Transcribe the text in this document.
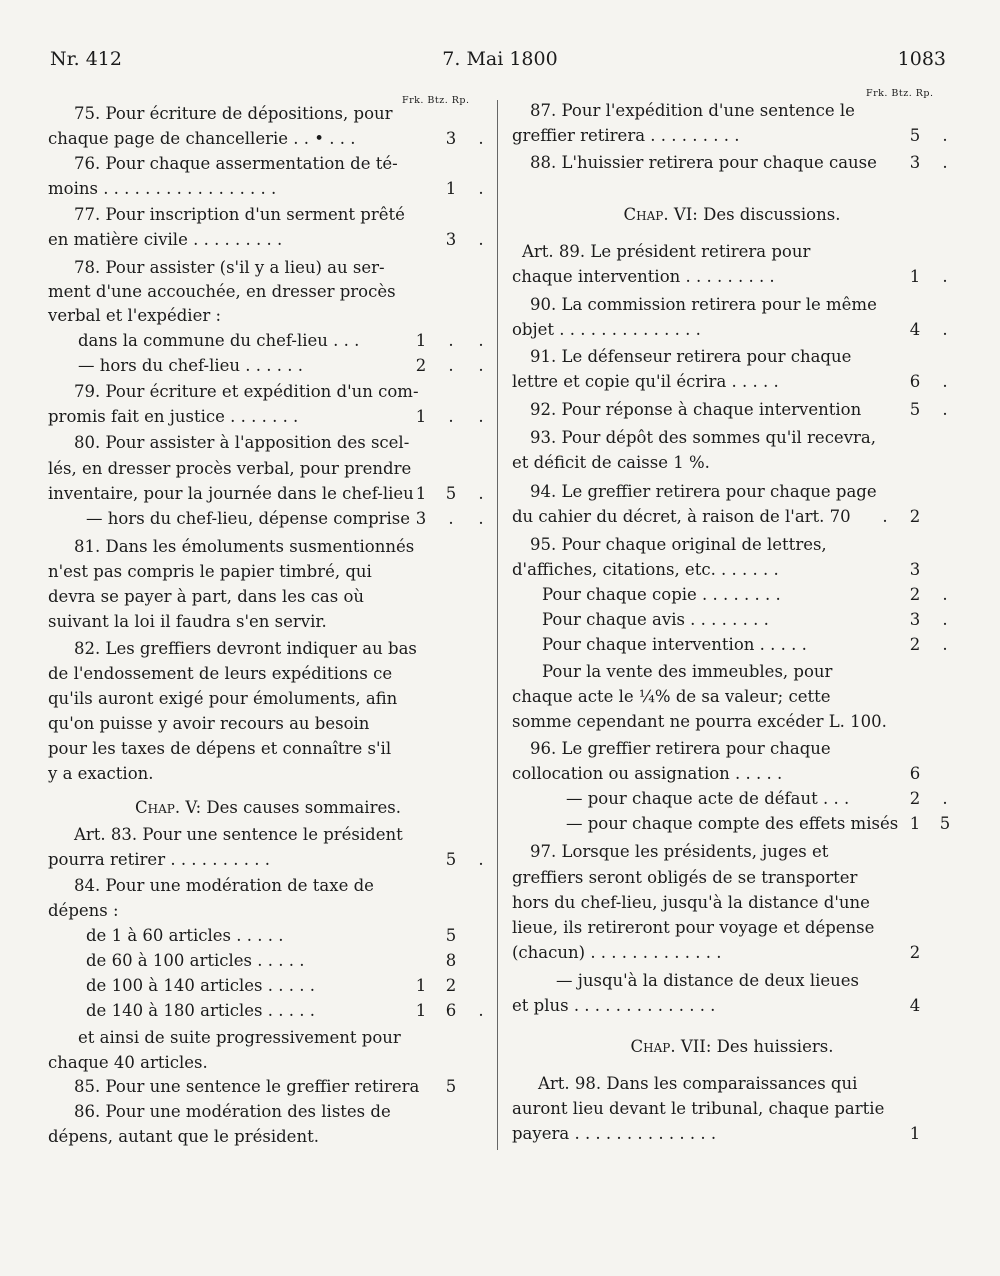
Nr. 412	7. Mai 1800	1083
Frk. Btz. Rp.
Chap. V: Des causes sommaires.
75. Pour écriture de dépositions, pour
chaque page de chancellerie . . • . . .	3	.
76. Pour chaque assermentation de té-
moins . . . . . . . . . . . . . . . . .	1	.
77. Pour inscription d'un serment prêté
en matière civile . . . . . . . . .	3	.
78. Pour assister (s'il y a lieu) au ser-
ment d'une accouchée, en dresser procès
verbal et l'expédier :
dans la commune du chef-lieu . . .	1	.	.
— hors du chef-lieu . . . . . .	2	.	.
79. Pour écriture et expédition d'un com-
promis fait en justice . . . . . . .	1	.	.
80. Pour assister à l'apposition des scel-
lés, en dresser procès verbal, pour prendre
inventaire, pour la journée dans le chef-lieu 1 5	.
— hors du chef-lieu, dépense comprise 3	.	.
81. Dans les émoluments susmentionnés
n'est pas compris le papier timbré, qui
devra se payer à part, dans les cas où
suivant la loi il faudra s'en servir.
82. Les greffiers devront indiquer au bas
de l'endossement de leurs expéditions ce
qu'ils auront exigé pour émoluments, afin
qu'on puisse y avoir recours au besoin
pour les taxes de dépens et connaître s'il
y a exaction.
Art. 83. Pour une sentence le président
pourra retirer . . . . . . . . . .	5	.
84. Pour une modération de taxe de
dépens :
de 1 à 60 articles . . . . .	5
de 60 à 100 articles . . . . .	8
de 100 à 140 articles . . . . .	1 2
de 140 à 180 articles . . . . .	1 6	.
et ainsi de suite progressivement pour
chaque 40 articles.
85. Pour une sentence le greffier retirera 5
86. Pour une modération des listes de
dépens, autant que le président.
Frk. Btz. Rp.
Chap. VI: Des discussions.
Chap. VII: Des huissiers.
87. Pour l'expédition d'une sentence le
greffier retirera . . . . . . . . .	5	.
88. L'huissier retirera pour chaque cause 3	.
Art. 89. Le président retirera pour
chaque intervention . . . . . . . . .	1	.
90. La commission retirera pour le même
objet . . . . . . . . . . . . . .	4	.
91. Le défenseur retirera pour chaque
lettre et copie qu'il écrira . . . . .	6	.
92. Pour réponse à chaque intervention	5	.
93. Pour dépôt des sommes qu'il recevra,
et déficit de caisse 1 %.
94. Le greffier retirera pour chaque page
du cahier du décret, à raison de l'art. 70	.	2
95. Pour chaque original de lettres,
d'affiches, citations, etc. . . . . . .	3
Pour chaque copie . . . . . . . .	2	.
Pour chaque avis . . . . . . . .	3	.
Pour chaque intervention . . . . .	2	.
Pour la vente des immeubles, pour
chaque acte le ¼% de sa valeur; cette
somme cependant ne pourra excéder L. 100.
96. Le greffier retirera pour chaque
collocation ou assignation . . . . .	6
— pour chaque acte de défaut . . .	2	.
— pour chaque compte des effets misés 1 5
97. Lorsque les présidents, juges et
greffiers seront obligés de se transporter
hors du chef-lieu, jusqu'à la distance d'une
lieue, ils retireront pour voyage et dépense
(chacun) . . . . . . . . . . . . .	2
— jusqu'à la distance de deux lieues
et plus . . . . . . . . . . . . . .	4
Art. 98. Dans les comparaissances qui
auront lieu devant le tribunal, chaque partie
payera . . . . . . . . . . . . . .	1
